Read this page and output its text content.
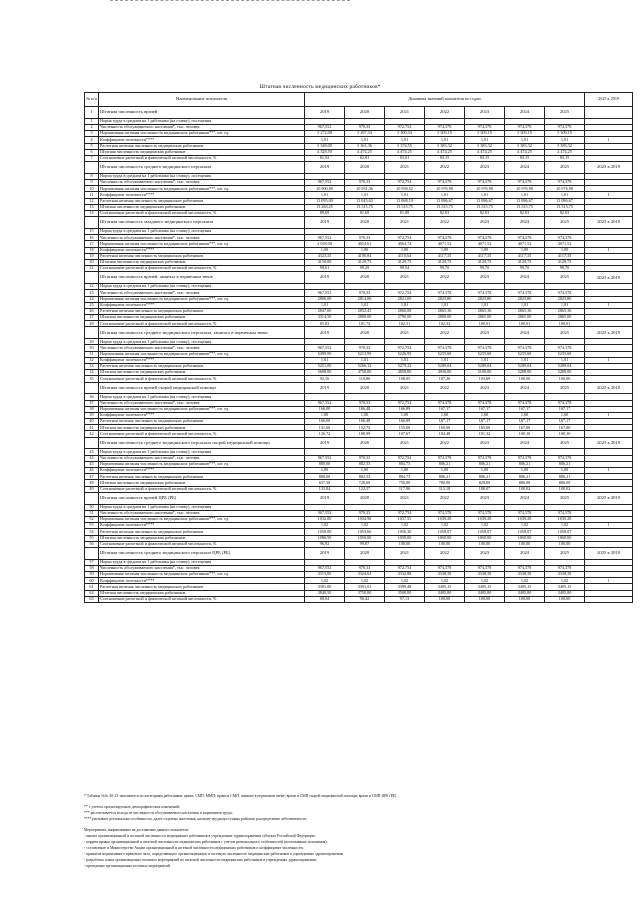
Штатная численность медицинских работников*
№ п/п	Наименование показателя	Динамика значений показателя по годам							2025 к 2019
1	Штатная численность врачей	2019	2020	2021	2022	2023	2024	2025	
1	Норма труда в среднем на 1 работника (на ставку), посещения								
2	Численность обслуживаемого населения*, тыс. человек	967,552	970,33	972,754	974,378	974,378	974,378	974,378	
3	Нормативная штатная численность медицинских работников***, шт. ед.	5 272,00	5 297,34	5 300,34	5 309,19	5 309,19	5 309,19	5 309,19	
4	Коэффициент полезности****	1,01	1,01	1,01	1,01	1,01	1,01	1,01	1
5	Расчетная штатная численность медицинских работников	5 348,00	5 361,36	5 374,55	5 383,32	5 383,32	5 383,32	5 383,32	
6	Штатная численность медицинских работников	4 328,50	4 474,25	4 474,25	4 474,25	4 474,25	4 474,25	4 474,25	
7	Соотношение расчетной и фактической штатной численности, %	81,92	82,81	83,01	83,15	83,15	83,15	83,15	
	Штатная численность среднего медицинского персонала	2019	2020	2021	2022	2023	2024	2025	2025 к 2019
8	Норма труда в среднем на 1 работника (на ставку), посещения								
9	Численность обслуживаемого населения*, тыс. человек	967,552	970,33	972,754	974,378	974,378	974,378	974,378	
10	Нормативная штатная численность медицинских работников***, шт. ед.	10 900,00	10 931,36	10 958,52	10 976,90	10 976,90	10 976,90	10 976,90	
11	Коэффициент полезности****	1,01	1,01	1,01	1,01	1,01	1,01	1,01	1
12	Расчетная штатная численность медицинских работников	11 095,00	11 045,63	11 068,19	11 086,67	11 086,67	11 086,67	11 086,67	
13	Штатная численность медицинских работников	13 263,25	13 515,75	13 515,75	13 515,75	13 515,75	13 515,75	13 515,75	
14	Соотношение расчетной и фактической штатной численности, %	89,69	81,69	81,89	82,03	82,03	82,03	82,03	
	Штатная численность младшего медицинского персонала	2019	2020	2021	2022	2023	2024	2025	2025 к 2019
15	Норма труда в среднем на 1 работника (на ставку), посещения								
16	Численность обслуживаемого населения*, тыс. человек	967,552	970,33	972,754	974,378	974,378	974,378	974,378	
17	Нормативная штатная численность медицинских работников***, шт. ед.	4 038,00	4054,61	4064,74	4071,52	4071,52	4071,52	4071,52	
18	Коэффициент полезности****	1,00	1,00	1,00	1,00	1,00	1,00	1,00	1
19	Расчетная штатная численность медицинских работников	4323,35	4100,84	4110,64	4117,35	4117,35	4117,35	4117,35	
20	Штатная численность медицинских работников	4150,00	4129,75	4129,75	4129,75	4129,75	4129,75	4129,75	
21	Соотношение расчетной и фактической штатной численности, %	99,61	99,29	99,54	99,70	99,70	99,70	99,70	
	Штатная численность врачей, занятых в первичном звене	2019	2020	2021	2022	2023	2024	2025	2025 к 2019
22	Норма труда в среднем на 1 работника (на ставку), посещения								
23	Численность обслуживаемого населения*, тыс. человек	967,552	970,33	972,754	974,378	974,378	974,378	974,378	
24	Нормативная штатная численность медицинских работников***, шт. ед.	2806,00	2814,06	2821,09	2825,80	2825,80	2825,80	2825,80	
25	Коэффициент полезности****	1,01	1,01	1,01	1,01	1,01	1,01	1,01	1
26	Расчетная штатная численность медицинских работников	2847,00	2852,45	2860,08	2865,36	2865,36	2865,36	2865,36	
27	Штатная численность медицинских работников	3314,50	2800,00	2790,00	2800,00	2865,00	2865,00	2865,00	
28	Соотношение расчетной и фактической штатной численности, %	85,83	101,75	102,51	102,33	100,01	100,01	100,01	
	Штатная численность среднего медицинского персонала, занятого в первичном звене	2019	2020	2021	2022	2023	2024	2025	2025 к 2019
29	Норма труда в среднем на 1 работника (на ставку), посещения								
30	Численность обслуживаемого населения*, тыс. человек	967,552	970,33	972,754	974,378	974,378	974,378	974,378	
31	Нормативная штатная численность медицинских работников***, шт. ед.	5499,00	5213,99	5226,95	5235,68	5235,68	5235,68	5235,68	
32	Коэффициент полезности****	1,01	1,01	1,01	1,01	1,01	1,01	1,01	1
33	Расчетная штатная численность медицинских работников	5251,00	5266,12	5279,22	5288,04	5288,04	5288,04	5288,04	
34	Штатная численность медицинских работников	5698,00	4750,00	4850,00	4930,00	5100,00	5288,00	5288,00	
35	Соотношение расчетной и фактической штатной численности, %	92,16	110,86	108,85	107,26	103,69	100,00	100,00	
	Штатная численность врачей скорой медицинской помощи	2019	2020	2021	2022	2023	2024	2025	2025 к 2019
36	Норма труда в среднем на 1 работника (на ставку), посещения								
37	Численность обслуживаемого населения*, тыс. человек	967,552	970,33	972,754	974,378	974,378	974,378	974,378	
38	Нормативная штатная численность медицинских работников***, шт. ед.	166,00	166,48	166,89	167,17	167,17	167,17	167,17	
39	Коэффициент полезности****	1,00	1,00	1,00	1,00	1,00	1,00	1,00	1
40	Расчетная штатная численность медицинских работников	166,00	166,48	166,89	167,17	167,17	167,17	167,17	
41	Штатная численность медицинских работников	131,60	152,75	155,00	160,00	165,00	167,00	167,00	
42	Соотношение расчетной и фактической штатной численности, %	126,72	108,99	107,67	104,48	101,32	100,10	100,10	
	Штатная численность среднего медицинского персонала скорой медицинской помощи	2019	2020	2021	2022	2023	2024	2025	2025 к 2019
43	Норма труда в среднем на 1 работника (на ставку), посещения								
44	Численность обслуживаемого населения*, тыс. человек	967,552	970,33	972,754	974,378	974,378	974,378	974,378	
45	Нормативная штатная численность медицинских работников***, шт. ед.	880,00	882,53	884,73	886,21	886,21	886,21	886,21	
46	Коэффициент полезности****	1,00	1,00	1,00	1,00	1,00	1,00	1,00	1
47	Расчетная штатная численность медицинских работников	880,00	882,53	884,73	886,21	886,21	886,21	886,21	
48	Штатная численность медицинских работников	657,50	720,00	750,00	780,00	820,00	886,00	886,00	
49	Соотношение расчетной и фактической штатной численности, %	133,84	122,57	117,96	113,18	108,07	100,02	100,02	
	Штатная численность врачей ЦРБ (РБ)	2019	2020	2021	2022	2023	2024	2025	2025 к 2019
50	Норма труда в среднем на 1 работника (на ставку), посещения								
51	Численность обслуживаемого населения*, тыс. человек	967,552	970,33	972,754	974,378	974,378	974,378	974,378	
52	Нормативная штатная численность медицинских работников***, шт. ед.	1032,00	1034,96	1037,55	1039,28	1039,28	1039,28	1039,28	
53	Коэффициент полезности****	1,02	1,02	1,02	1,02	1,02	1,02	1,02	1
54	Расчетная штатная численность медицинских работников	1050,00	1053,66	1056,30	1058,07	1058,07	1058,07	1058,07	
55	Штатная численность медицинских работников	1086,50	1056,00	1058,00	1060,00	1060,00	1060,00	1060,00	
56	Соотношение расчетной и фактической штатной численности, %	96,92	99,87	100,00	100,00	100,00	100,00	100,00	
	Штатная численность среднего медицинского персонала ЦРБ (РБ)	2019	2020	2021	2022	2023	2024	2025	2025 к 2019
57	Норма труда в среднем на 1 работника (на ставку), посещения								
58	Численность обслуживаемого населения*, тыс. человек	967,552	970,33	972,754	974,378	974,378	974,378	974,378	
59	Нормативная штатная численность медицинских работников***, шт. ед.	3315,00	3324,62	3332,88	3338,39	3338,39	3338,39	3338,39	
60	Коэффициент полезности****	1,02	1,02	1,02	1,02	1,02	1,02	1,02	1
61	Расчетная штатная численность медицинских работников	3381,00	3391,01	3399,48	3405,15	3405,15	3405,15	3405,15	
62	Штатная численность медицинских работников	3840,50	3750,00	3500,00	3405,00	3405,00	3405,00	3405,00	
63	Соотношение расчетной и фактической штатной численности, %	88,04	90,42	97,13	100,00	100,00	100,00	100,00	
* Таблица №№ 20-23 заполняется по категориям работников: врачи, СМП, ММП; врачи и СМП, занятые в первичном звене; врачи и СМП скорой медицинской помощи; врачи и СМП ЦРБ (РБ)
** с учетом прогнозируемых демографических изменений;
*** рассчитывается исходя из численности обслуживаемого населения и нормативов труда;
****учитывает регионально-особенности, далее отдельно населения, наличие труднодоступных районов, распределение заболеваемости .
Мероприятия, направленные на достижение данного показателя:
- анализ организационной и штатной численности медицинских работников в учреждениях здравоохранения субъекта Российской Федерации;
- корректировка организационной и штатной численности медицинских работников с учетом регионального особенностей (возложенные положения);
- составление и Министерство Акции организационной и штатной численности медицинских работников и коэффициент численности;
- принятие нормативного правового акта, определяющего организационную и штатную численность медицинских работников в учреждениях здравоохранения;
- разработка плана организационно-штатных мероприятий по штатной численности медицинских работников в учреждениях здравоохранения;
- проведение организационно-штатных мероприятий.
